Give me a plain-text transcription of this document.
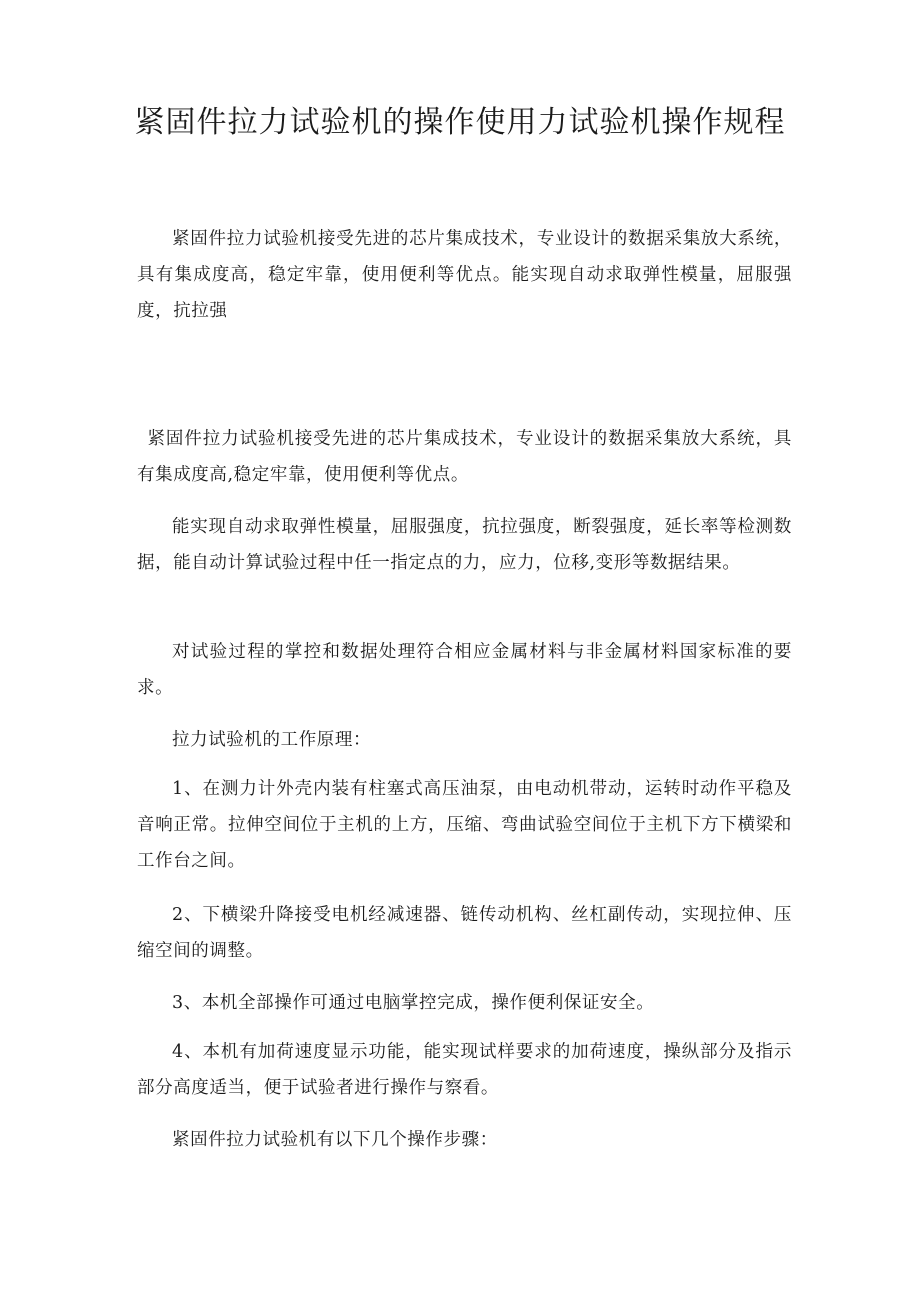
紧固件拉力试验机的操作使用力试验机操作规程

紧固件拉力试验机接受先进的芯片集成技术，专业设计的数据采集放大系统，具有集成度高，稳定牢靠，使用便利等优点。能实现自动求取弹性模量，屈服强度，抗拉强

紧固件拉力试验机接受先进的芯片集成技术，专业设计的数据采集放大系统，具有集成度高,稳定牢靠，使用便利等优点。

能实现自动求取弹性模量，屈服强度，抗拉强度，断裂强度，延长率等检测数据，能自动计算试验过程中任一指定点的力，应力，位移,变形等数据结果。

对试验过程的掌控和数据处理符合相应金属材料与非金属材料国家标准的要求。

拉力试验机的工作原理：

1、在测力计外壳内装有柱塞式高压油泵，由电动机带动，运转时动作平稳及音响正常。拉伸空间位于主机的上方，压缩、弯曲试验空间位于主机下方下横梁和工作台之间。

2、下横梁升降接受电机经减速器、链传动机构、丝杠副传动，实现拉伸、压缩空间的调整。

3、本机全部操作可通过电脑掌控完成，操作便利保证安全。

4、本机有加荷速度显示功能，能实现试样要求的加荷速度，操纵部分及指示部分高度适当，便于试验者进行操作与察看。

紧固件拉力试验机有以下几个操作步骤：
